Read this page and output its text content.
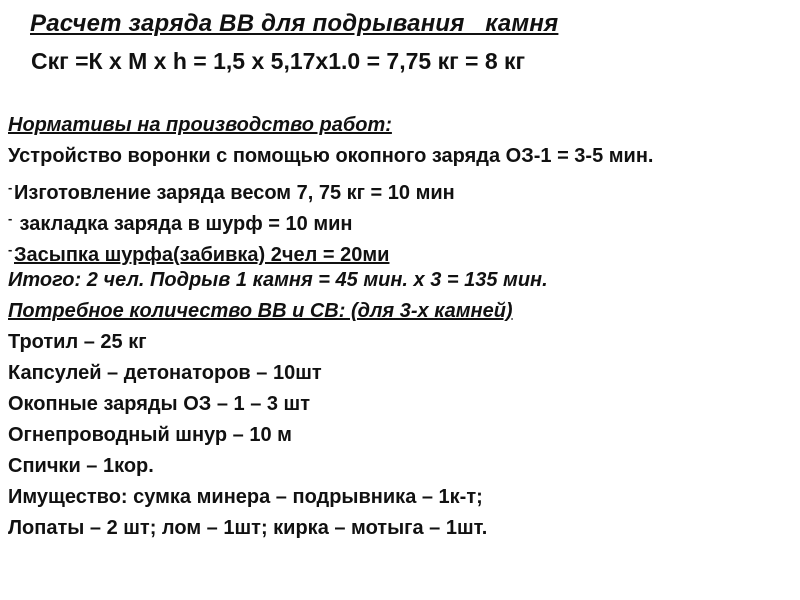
Расчет заряда ВВ для подрывания   камня
Скг =К х М х h = 1,5 х 5,17х1.0 = 7,75 кг = 8 кг
Нормативы на производство работ:
Устройство воронки с помощью окопного заряда ОЗ-1 = 3-5 мин.
-Изготовление заряда весом 7, 75 кг = 10 мин
- закладка заряда в шурф = 10 мин
-Засыпка шурфа(забивка) 2чел = 20ми
Итого: 2 чел. Подрыв 1 камня = 45 мин. х 3 = 135 мин.
Потребное количество ВВ и СВ: (для 3-х камней)
Тротил – 25 кг
Капсулей – детонаторов – 10шт
Окопные заряды ОЗ – 1 – 3 шт
Огнепроводный шнур – 10 м
Спички – 1кор.
Имущество: сумка минера – подрывника – 1к-т;
Лопаты – 2 шт; лом – 1шт; кирка – мотыга – 1шт.
